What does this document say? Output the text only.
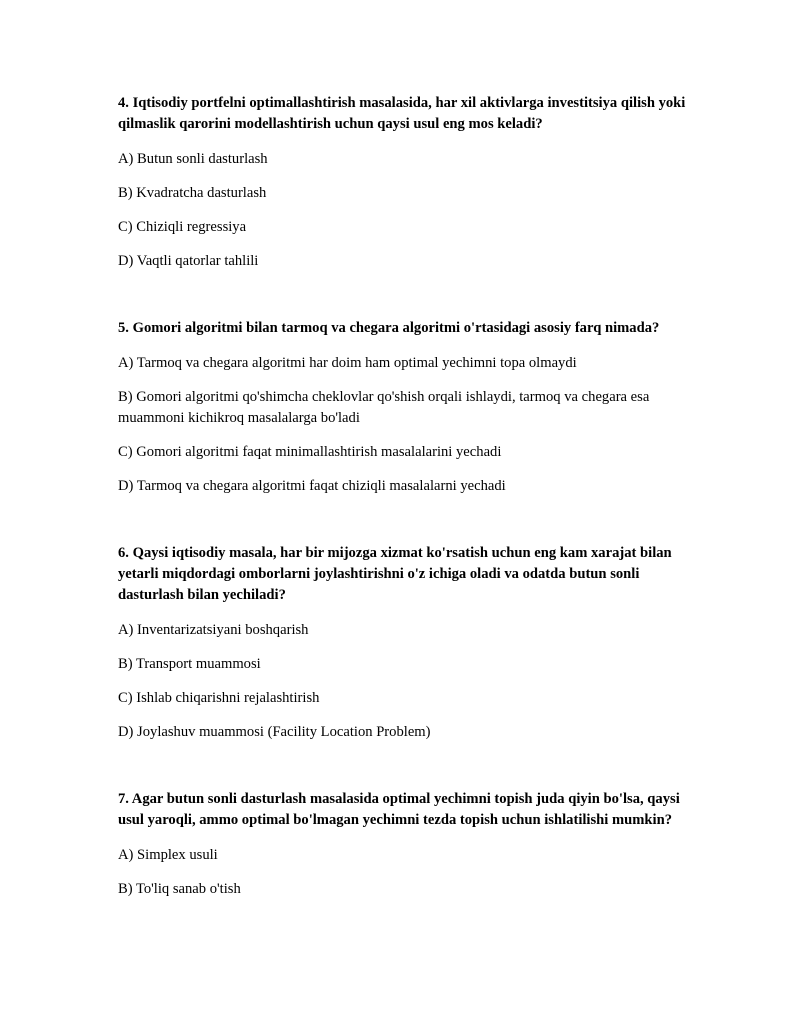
4. Iqtisodiy portfelni optimallashtirish masalasida, har xil aktivlarga investitsiya qilish yoki qilmaslik qarorini modellashtirish uchun qaysi usul eng mos keladi?

A) Butun sonli dasturlash

B) Kvadratcha dasturlash

C) Chiziqli regressiya

D) Vaqtli qatorlar tahlili

5. Gomori algoritmi bilan tarmoq va chegara algoritmi o'rtasidagi asosiy farq nimada?

A) Tarmoq va chegara algoritmi har doim ham optimal yechimni topa olmaydi

B) Gomori algoritmi qo'shimcha cheklovlar qo'shish orqali ishlaydi, tarmoq va chegara esa muammoni kichikroq masalalarga bo'ladi

C) Gomori algoritmi faqat minimallashtirish masalalarini yechadi

D) Tarmoq va chegara algoritmi faqat chiziqli masalalarni yechadi

6. Qaysi iqtisodiy masala, har bir mijozga xizmat ko'rsatish uchun eng kam xarajat bilan yetarli miqdordagi omborlarni joylashtirishni o'z ichiga oladi va odatda butun sonli dasturlash bilan yechiladi?

A) Inventarizatsiyani boshqarish

B) Transport muammosi

C) Ishlab chiqarishni rejalashtirish

D) Joylashuv muammosi (Facility Location Problem)

7. Agar butun sonli dasturlash masalasida optimal yechimni topish juda qiyin bo'lsa, qaysi usul yaroqli, ammo optimal bo'lmagan yechimni tezda topish uchun ishlatilishi mumkin?

A) Simplex usuli

B) To'liq sanab o'tish
